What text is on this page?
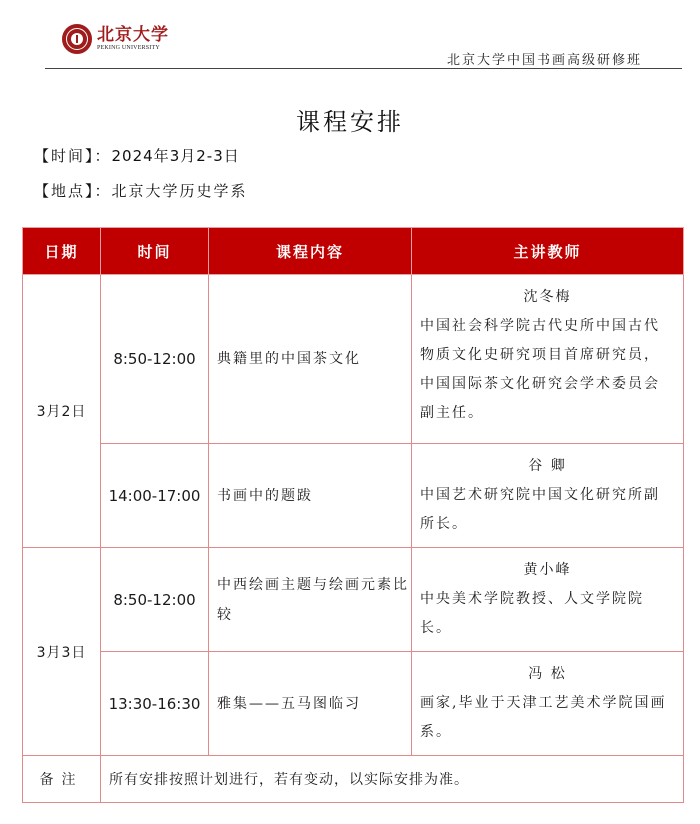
北京大学
PEKING UNIVERSITY
北京大学中国书画高级研修班
课程安排
【时间】：2024年3月2-3日
【地点】：北京大学历史学系
日期	时间	课程内容	主讲教师
3月2日	8:50-12:00	典籍里的中国茶文化	沈冬梅
中国社会科学院古代史所中国古代物质文化史研究项目首席研究员，中国国际茶文化研究会学术委员会副主任。

	14:00-17:00	书画中的题跋	谷 卿
中国艺术研究院中国文化研究所副所长。

3月3日	8:50-12:00	中西绘画主题与绘画元素比较	黄小峰
中央美术学院教授、人文学院院长。

	13:30-16:30	雅集——五马图临习	冯 松
画家,毕业于天津工艺美术学院国画系。

备注	所有安排按照计划进行，若有变动，以实际安排为准。		
